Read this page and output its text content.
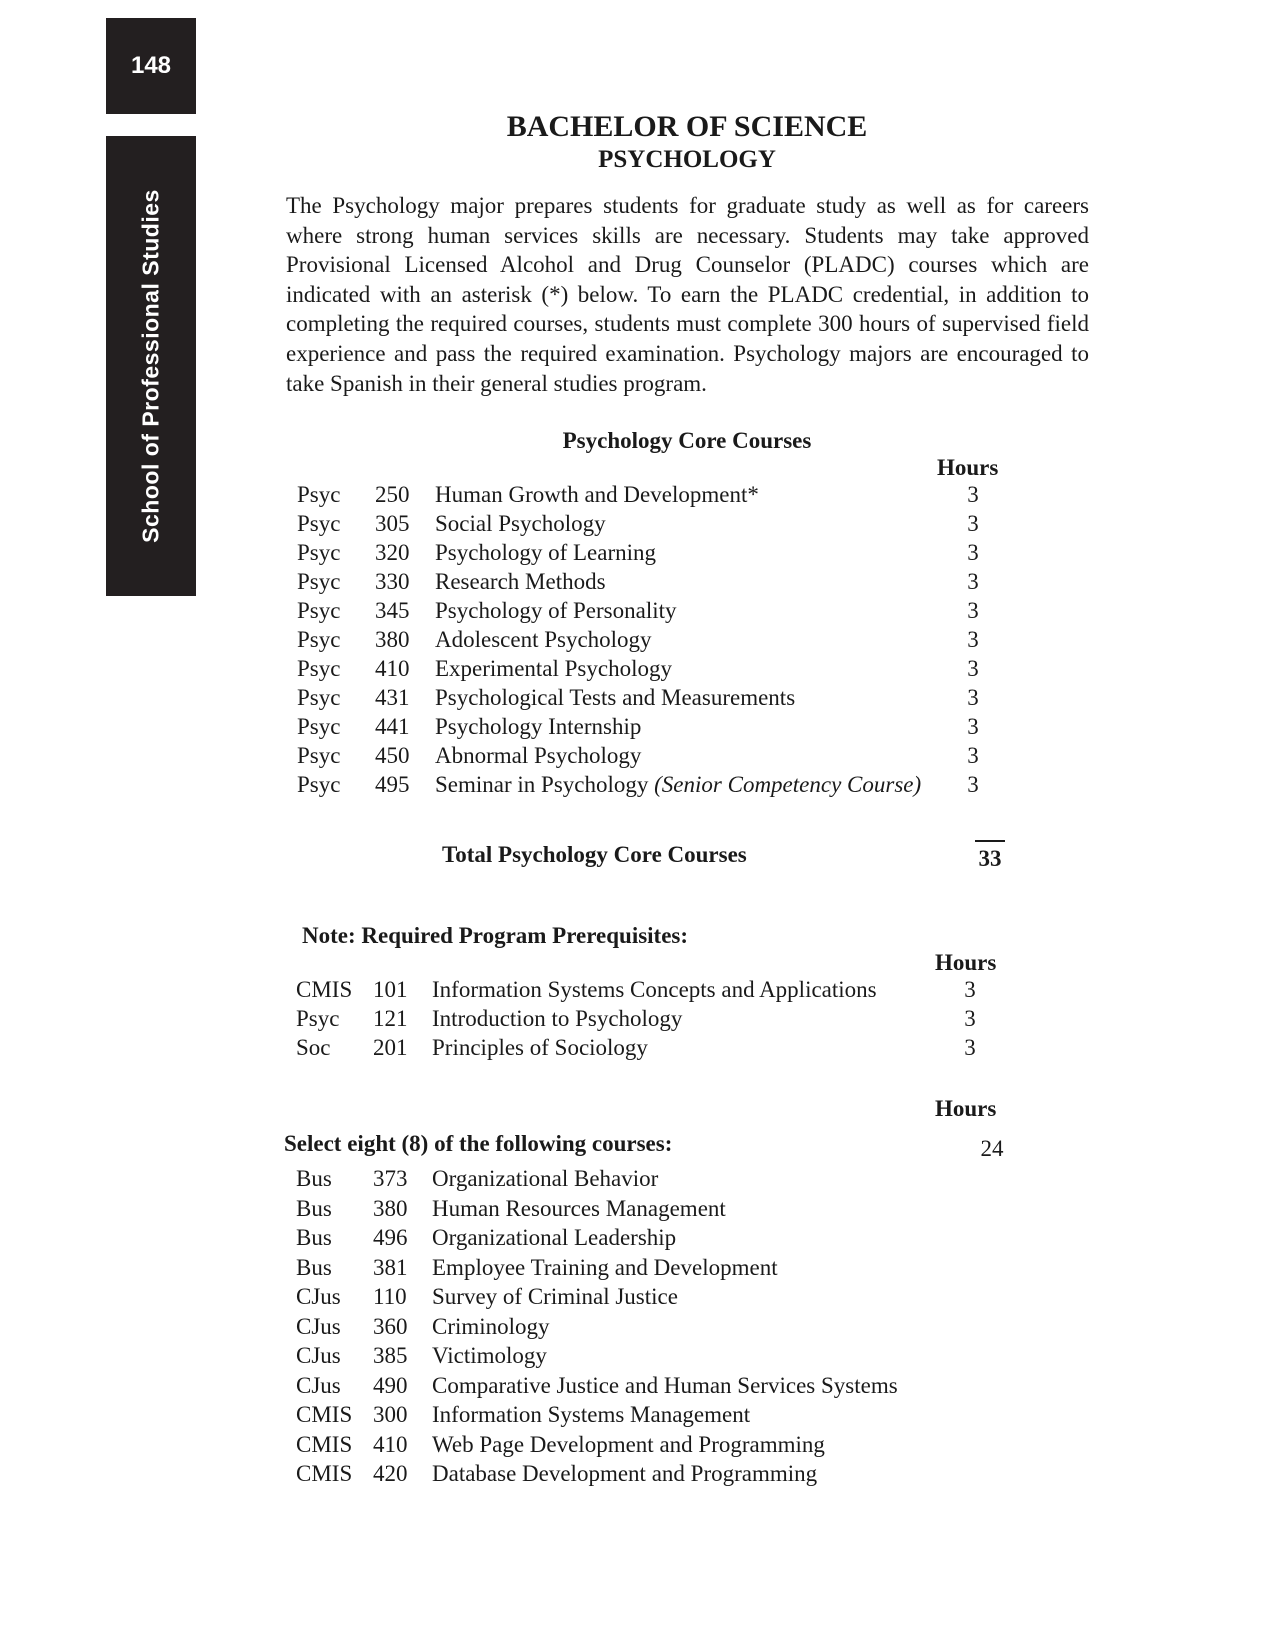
148
School of Professional Studies
BACHELOR OF SCIENCE
PSYCHOLOGY

The Psychology major prepares students for graduate study as well as for careers where strong human services skills are necessary. Students may take approved Provisional Licensed Alcohol and Drug Counselor (PLADC) courses which are indicated with an asterisk (*) below. To earn the PLADC credential, in addition to completing the required courses, students must complete 300 hours of supervised field experience and pass the required examination. Psychology majors are encouraged to take Spanish in their general studies program.

Psychology Core Courses
Hours
Psyc 250 Human Growth and Development*	3
Psyc 305 Social Psychology	3
Psyc 320 Psychology of Learning	3
Psyc 330 Research Methods	3
Psyc 345 Psychology of Personality	3
Psyc 380 Adolescent Psychology	3
Psyc 410 Experimental Psychology	3
Psyc 431 Psychological Tests and Measurements	3
Psyc 441 Psychology Internship	3
Psyc 450 Abnormal Psychology	3
Psyc 495 Seminar in Psychology (Senior Competency Course)	3
Total Psychology Core Courses	33
Note: Required Program Prerequisites:
Hours
CMIS 101 Information Systems Concepts and Applications	3
Psyc 121 Introduction to Psychology	3
Soc 201 Principles of Sociology	3
Hours
Select eight (8) of the following courses:	24
Bus 373 Organizational Behavior
Bus 380 Human Resources Management
Bus 496 Organizational Leadership
Bus 381 Employee Training and Development
CJus 110 Survey of Criminal Justice
CJus 360 Criminology
CJus 385 Victimology
CJus 490 Comparative Justice and Human Services Systems
CMIS 300 Information Systems Management
CMIS 410 Web Page Development and Programming
CMIS 420 Database Development and Programming
